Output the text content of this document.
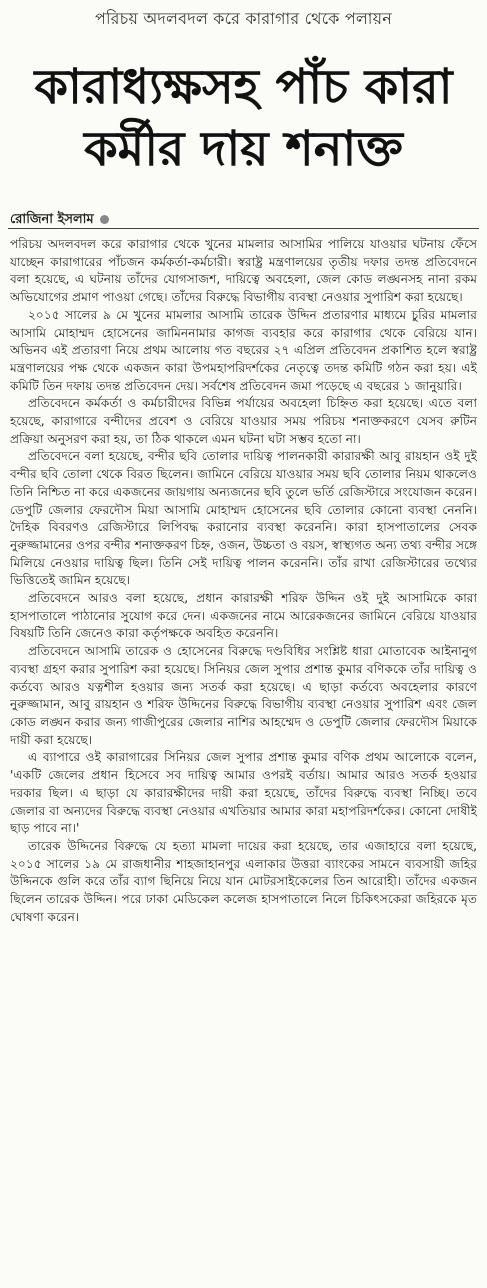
পরিচয় অদলবদল করে কারাগার থেকে পলায়ন
কারাধ্যক্ষসহ পাঁচ কারা
কর্মীর দায় শনাক্ত
রোজিনা ইসলাম

পরিচয় অদলবদল করে কারাগার থেকে খুনের মামলার আসামির পালিয়ে যাওয়ার ঘটনায় ফেঁসে যাচ্ছেন কারাগারের পাঁচজন কর্মকর্তা-কর্মচারী। স্বরাষ্ট্র মন্ত্রণালয়ের তৃতীয় দফার তদন্ত প্রতিবেদনে বলা হয়েছে, এ ঘটনায় তাঁদের যোগসাজশ, দায়িত্বে অবহেলা, জেল কোড লঙ্ঘনসহ নানা রকম অভিযোগের প্রমাণ পাওয়া গেছে। তাঁদের বিরুদ্ধে বিভাগীয় ব্যবস্থা নেওয়ার সুপারিশ করা হয়েছে।

২০১৫ সালের ৯ মে খুনের মামলার আসামি তারেক উদ্দিন প্রতারণার মাধ্যমে চুরির মামলার আসামি মোহাম্মদ হোসেনের জামিননামার কাগজ ব্যবহার করে কারাগার থেকে বেরিয়ে যান। অভিনব এই প্রতারণা নিয়ে প্রথম আলোয় গত বছরের ২৭ এপ্রিল প্রতিবেদন প্রকাশিত হলে স্বরাষ্ট্র মন্ত্রণালয়ের পক্ষ থেকে একজন কারা উপমহাপরিদর্শকের নেতৃত্বে তদন্ত কমিটি গঠন করা হয়। এই কমিটি তিন দফায় তদন্ত প্রতিবেদন দেয়। সর্বশেষ প্রতিবেদন জমা পড়েছে এ বছরের ১ জানুয়ারি।

প্রতিবেদনে কর্মকর্তা ও কর্মচারীদের বিভিন্ন পর্যায়ের অবহেলা চিহ্নিত করা হয়েছে। এতে বলা হয়েছে, কারাগারে বন্দীদের প্রবেশ ও বেরিয়ে যাওয়ার সময় পরিচয় শনাক্তকরণে যেসব রুটিন প্রক্রিয়া অনুসরণ করা হয়, তা ঠিক থাকলে এমন ঘটনা ঘটা সম্ভব হতো না।

প্রতিবেদনে বলা হয়েছে, বন্দীর ছবি তোলার দায়িত্ব পালনকারী কারারক্ষী আবু রায়হান ওই দুই বন্দীর ছবি তোলা থেকে বিরত ছিলেন। জামিনে বেরিয়ে যাওয়ার সময় ছবি তোলার নিয়ম থাকলেও তিনি নিশ্চিত না করে একজনের জায়গায় অন্যজনের ছবি তুলে ভর্তি রেজিস্টারে সংযোজন করেন। ডেপুটি জেলার ফেরদৌস মিয়া আসামি মোহাম্মদ হোসেনের ছবি তোলার কোনো ব্যবস্থা নেননি। দৈহিক বিবরণও রেজিস্টারে লিপিবদ্ধ করানোর ব্যবস্থা করেননি। কারা হাসপাতালের সেবক নুরুজ্জামানের ওপর বন্দীর শনাক্তকরণ চিহ্ন, ওজন, উচ্চতা ও বয়স, স্বাস্থ্যগত অন্য তথ্য বন্দীর সঙ্গে মিলিয়ে নেওয়ার দায়িত্ব ছিল। তিনি সেই দায়িত্ব পালন করেননি। তাঁর রাখা রেজিস্টারের তথ্যের ভিত্তিতেই জামিন হয়েছে।

প্রতিবেদনে আরও বলা হয়েছে, প্রধান কারারক্ষী শরিফ উদ্দিন ওই দুই আসামিকে কারা হাসপাতালে পাঠানোর সুযোগ করে দেন। একজনের নামে আরেকজনের জামিনে বেরিয়ে যাওয়ার বিষয়টি তিনি জেনেও কারা কর্তৃপক্ষকে অবহিত করেননি।

প্রতিবেদনে আসামি তারেক ও হোসেনের বিরুদ্ধে দণ্ডবিধির সংশ্লিষ্ট ধারা মোতাবেক আইনানুগ ব্যবস্থা গ্রহণ করার সুপারিশ করা হয়েছে। সিনিয়র জেল সুপার প্রশান্ত কুমার বণিককে তাঁর দায়িত্ব ও কর্তব্যে আরও যত্নশীল হওয়ার জন্য সতর্ক করা হয়েছে। এ ছাড়া কর্তব্যে অবহেলার কারণে নুরুজ্জামান, আবু রায়হান ও শরিফ উদ্দিনের বিরুদ্ধে বিভাগীয় ব্যবস্থা নেওয়ার সুপারিশ এবং জেল কোড লঙ্ঘন করার জন্য গাজীপুরের জেলার নাশির আহম্মেদ ও ডেপুটি জেলার ফেরদৌস মিয়াকে দায়ী করা হয়েছে।

এ ব্যাপারে ওই কারাগারের সিনিয়র জেল সুপার প্রশান্ত কুমার বণিক প্রথম আলোকে বলেন, 'একটি জেলের প্রধান হিসেবে সব দায়িত্ব আমার ওপরই বর্তায়। আমার আরও সতর্ক হওয়ার দরকার ছিল। এ ছাড়া যে কারারক্ষীদের দায়ী করা হয়েছে, তাঁদের বিরুদ্ধে ব্যবস্থা নিচ্ছি। তবে জেলার বা অন্যদের বিরুদ্ধে ব্যবস্থা নেওয়ার এখতিয়ার আমার কারা মহাপরিদর্শকের। কোনো দোষীই ছাড় পাবে না।'

তারেক উদ্দিনের বিরুদ্ধে যে হত্যা মামলা দায়ের করা হয়েছে, তার এজাহারে বলা হয়েছে, ২০১৫ সালের ১৯ মে রাজধানীর শাহজাহানপুর এলাকার উত্তরা ব্যাংকের সামনে ব্যবসায়ী জহির উদ্দিনকে গুলি করে তাঁর ব্যাগ ছিনিয়ে নিয়ে যান মোটরসাইকেলের তিন আরোহী। তাঁদের একজন ছিলেন তারেক উদ্দিন। পরে ঢাকা মেডিকেল কলেজ হাসপাতালে নিলে চিকিৎসকেরা জহিরকে মৃত ঘোষণা করেন।
